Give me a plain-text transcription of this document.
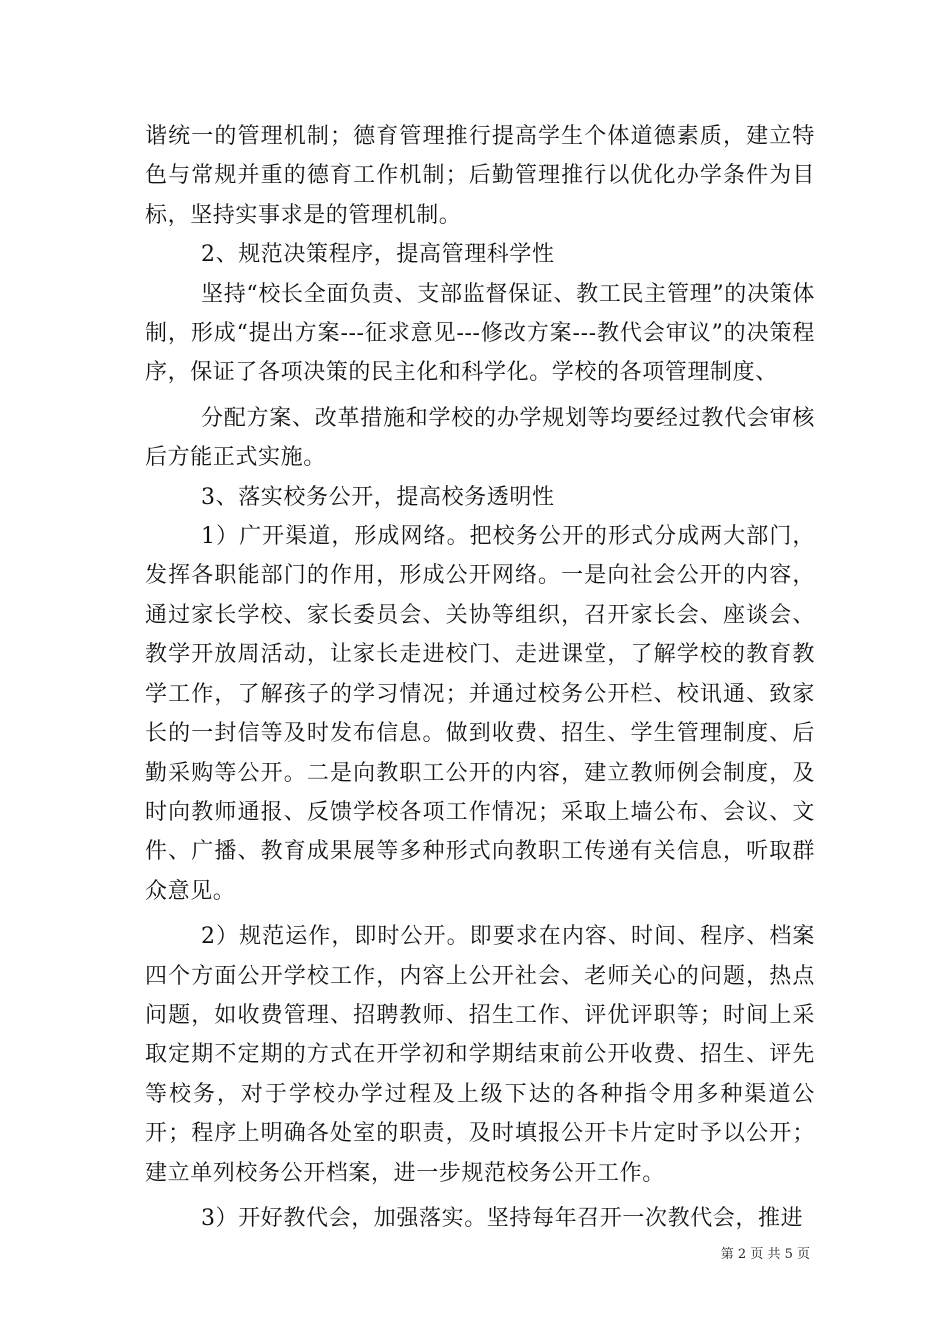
谐统一的管理机制；德育管理推行提高学生个体道德素质，建立特色与常规并重的德育工作机制；后勤管理推行以优化办学条件为目标，坚持实事求是的管理机制。

2、规范决策程序，提高管理科学性

坚持“校长全面负责、支部监督保证、教工民主管理”的决策体制，形成“提出方案---征求意见---修改方案---教代会审议”的决策程序，保证了各项决策的民主化和科学化。学校的各项管理制度、

分配方案、改革措施和学校的办学规划等均要经过教代会审核后方能正式实施。

3、落实校务公开，提高校务透明性

1）广开渠道，形成网络。把校务公开的形式分成两大部门，发挥各职能部门的作用，形成公开网络。一是向社会公开的内容，通过家长学校、家长委员会、关协等组织，召开家长会、座谈会、教学开放周活动，让家长走进校门、走进课堂，了解学校的教育教学工作，了解孩子的学习情况；并通过校务公开栏、校讯通、致家长的一封信等及时发布信息。做到收费、招生、学生管理制度、后勤采购等公开。二是向教职工公开的内容，建立教师例会制度，及时向教师通报、反馈学校各项工作情况；采取上墙公布、会议、文件、广播、教育成果展等多种形式向教职工传递有关信息，听取群众意见。

2）规范运作，即时公开。即要求在内容、时间、程序、档案四个方面公开学校工作，内容上公开社会、老师关心的问题，热点问题，如收费管理、招聘教师、招生工作、评优评职等；时间上采取定期不定期的方式在开学初和学期结束前公开收费、招生、评先等校务，对于学校办学过程及上级下达的各种指令用多种渠道公开；程序上明确各处室的职责，及时填报公开卡片定时予以公开；建立单列校务公开档案，进一步规范校务公开工作。

3）开好教代会，加强落实。坚持每年召开一次教代会，推进

第 2 页 共 5 页
